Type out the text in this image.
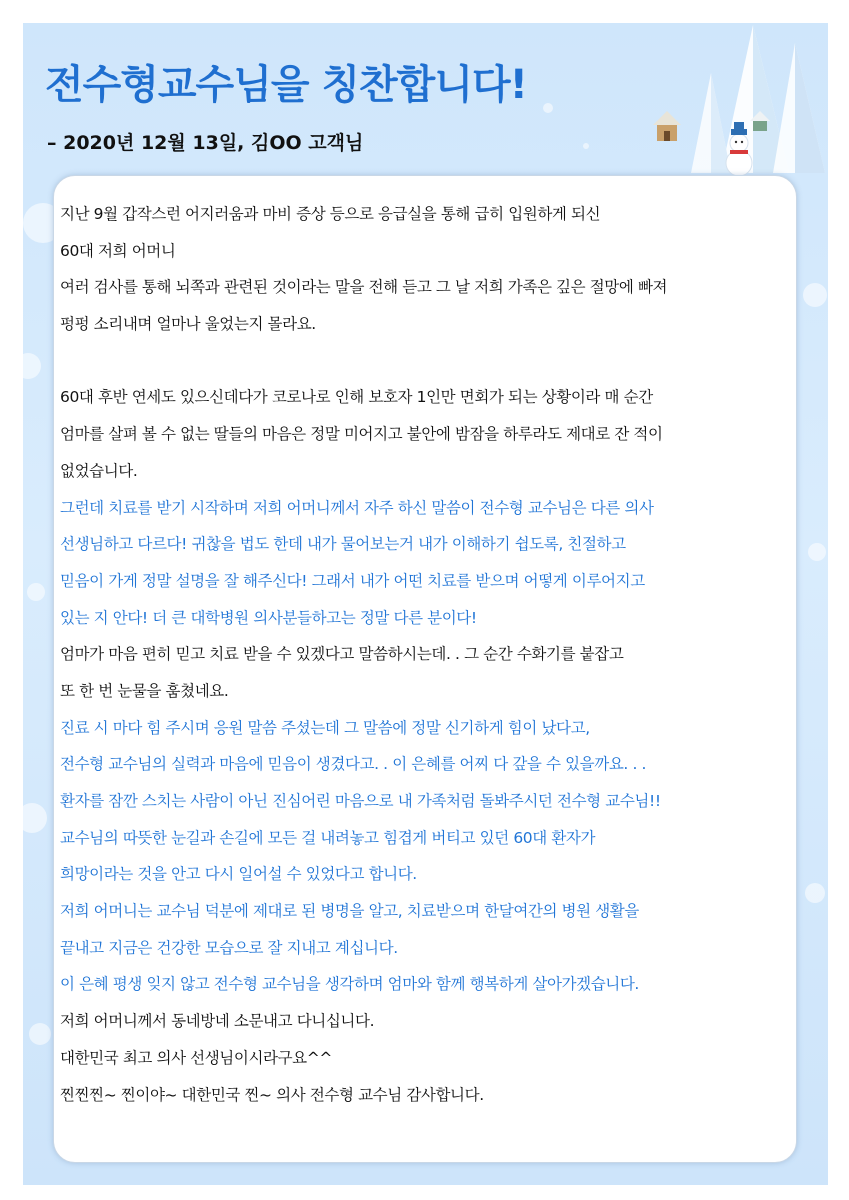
전수형교수님을 칭찬합니다!
– 2020년 12월 13일, 김OO 고객님
지난 9월 갑작스런 어지러움과 마비 증상 등으로 응급실을 통해 급히 입원하게 되신
60대 저희 어머니
여러 검사를 통해 뇌쪽과 관련된 것이라는 말을 전해 듣고 그 날 저희 가족은 깊은 절망에 빠져
펑펑 소리내며 얼마나 울었는지 몰라요.
60대 후반 연세도 있으신데다가 코로나로 인해 보호자 1인만 면회가 되는 상황이라 매 순간
엄마를 살펴 볼 수 없는 딸들의 마음은 정말 미어지고 불안에 밤잠을 하루라도 제대로 잔 적이
없었습니다.
그런데 치료를 받기 시작하며 저희 어머니께서 자주 하신 말씀이 전수형 교수님은 다른 의사
선생님하고 다르다! 귀찮을 법도 한데 내가 물어보는거 내가 이해하기 쉽도록, 친절하고
믿음이 가게 정말 설명을 잘 해주신다! 그래서 내가 어떤 치료를 받으며 어떻게 이루어지고
있는 지 안다! 더 큰 대학병원 의사분들하고는 정말 다른 분이다!
엄마가 마음 편히 믿고 치료 받을 수 있겠다고 말씀하시는데. . 그 순간 수화기를 붙잡고
또 한 번 눈물을 훔쳤네요.
진료 시 마다 힘 주시며 응원 말씀 주셨는데 그 말씀에 정말 신기하게 힘이 났다고,
전수형 교수님의 실력과 마음에 믿음이 생겼다고. . 이 은혜를 어찌 다 갚을 수 있을까요. . .
환자를 잠깐 스치는 사람이 아닌 진심어린 마음으로 내 가족처럼 돌봐주시던 전수형 교수님!!
교수님의 따뜻한 눈길과 손길에 모든 걸 내려놓고 힘겹게 버티고 있던 60대 환자가
희망이라는 것을 안고 다시 일어설 수 있었다고 합니다.
저희 어머니는 교수님 덕분에 제대로 된 병명을 알고, 치료받으며 한달여간의 병원 생활을
끝내고 지금은 건강한 모습으로 잘 지내고 계십니다.
이 은혜 평생 잊지 않고 전수형 교수님을 생각하며 엄마와 함께 행복하게 살아가겠습니다.
저희 어머니께서 동네방네 소문내고 다니십니다.
대한민국 최고 의사 선생님이시라구요^^
찐찐찐~ 찐이야~ 대한민국 찐~ 의사 전수형 교수님 감사합니다.
